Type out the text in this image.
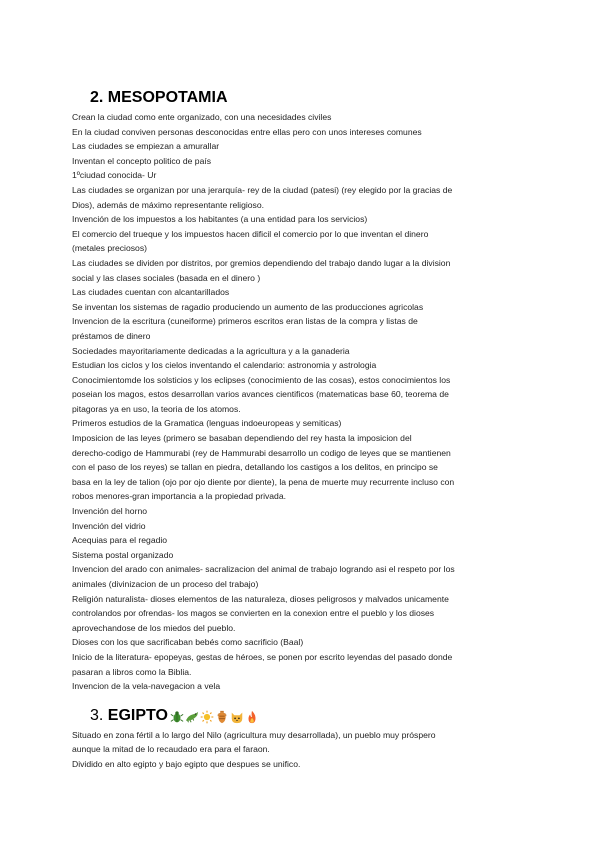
2. MESOPOTAMIA
Crean la ciudad como ente organizado, con una necesidades civiles
En la ciudad conviven personas desconocidas entre ellas pero con unos intereses comunes
Las ciudades se empiezan a amurallar
Inventan el concepto politico de país
1ºciudad conocida- Ur
Las ciudades se organizan por una jerarquía- rey de la ciudad (patesi) (rey elegido por la gracias de
Dios), además de máximo representante religioso.
Invención de los impuestos a los habitantes (a una entidad para los servicios)
El comercio del trueque y los impuestos hacen dificil el comercio por lo que inventan el dinero
(metales preciosos)
Las ciudades se dividen por distritos, por gremios dependiendo del trabajo dando lugar a la division
social y las clases sociales (basada en el dinero )
Las ciudades cuentan con alcantarillados
Se inventan los sistemas de ragadio produciendo un aumento de las producciones agricolas
Invencion de la escritura (cuneiforme) primeros escritos eran listas de la compra y listas de
préstamos de dinero
Sociedades mayoritariamente dedicadas a la agricultura y a la ganaderia
Estudian los ciclos y los cielos inventando el calendario: astronomia y astrologia
Conocimientomde los solsticios y los eclipses (conocimiento de las cosas), estos conocimientos los
poseian los magos, estos desarrollan varios avances cientificos (matematicas base 60, teorema de
pitagoras ya en uso, la teoria de los atomos.
Primeros estudios de la Gramatica (lenguas indoeuropeas y semiticas)
Imposicion de las leyes (primero se basaban dependiendo del rey hasta la imposicion del
derecho-codigo de Hammurabi (rey de Hammurabi desarrollo un codigo de leyes que se mantienen
con el paso de los reyes) se tallan en piedra, detallando los castigos a los delitos, en principo se
basa en la ley de talion (ojo por ojo diente por diente), la pena de muerte muy recurrente incluso con
robos menores-gran importancia a la propiedad privada.
Invención del horno
Invención del vidrio
Acequias para el regadio
Sistema postal organizado
Invencion del arado con animales- sacralizacion del animal de trabajo logrando asi el respeto por los
animales (divinizacion de un proceso del trabajo)
Religión naturalista- dioses elementos de las naturaleza, dioses peligrosos y malvados unicamente
controlandos por ofrendas- los magos se convierten en la conexion entre el pueblo y los dioses
aprovechandose de los miedos del pueblo.
Dioses con los que sacrificaban bebés como sacrificio (Baal)
Inicio de la literatura- epopeyas, gestas de héroes, se ponen por escrito leyendas del pasado donde
pasaran a libros como la Biblia.
Invencion de la vela-navegacion a vela
3. EGIPTO
Situado en zona fértil a lo largo del Nilo (agricultura muy desarrollada), un pueblo muy próspero
aunque la mitad de lo recaudado era para el faraon.
Dividido en alto egipto y bajo egipto que despues se unifico.
